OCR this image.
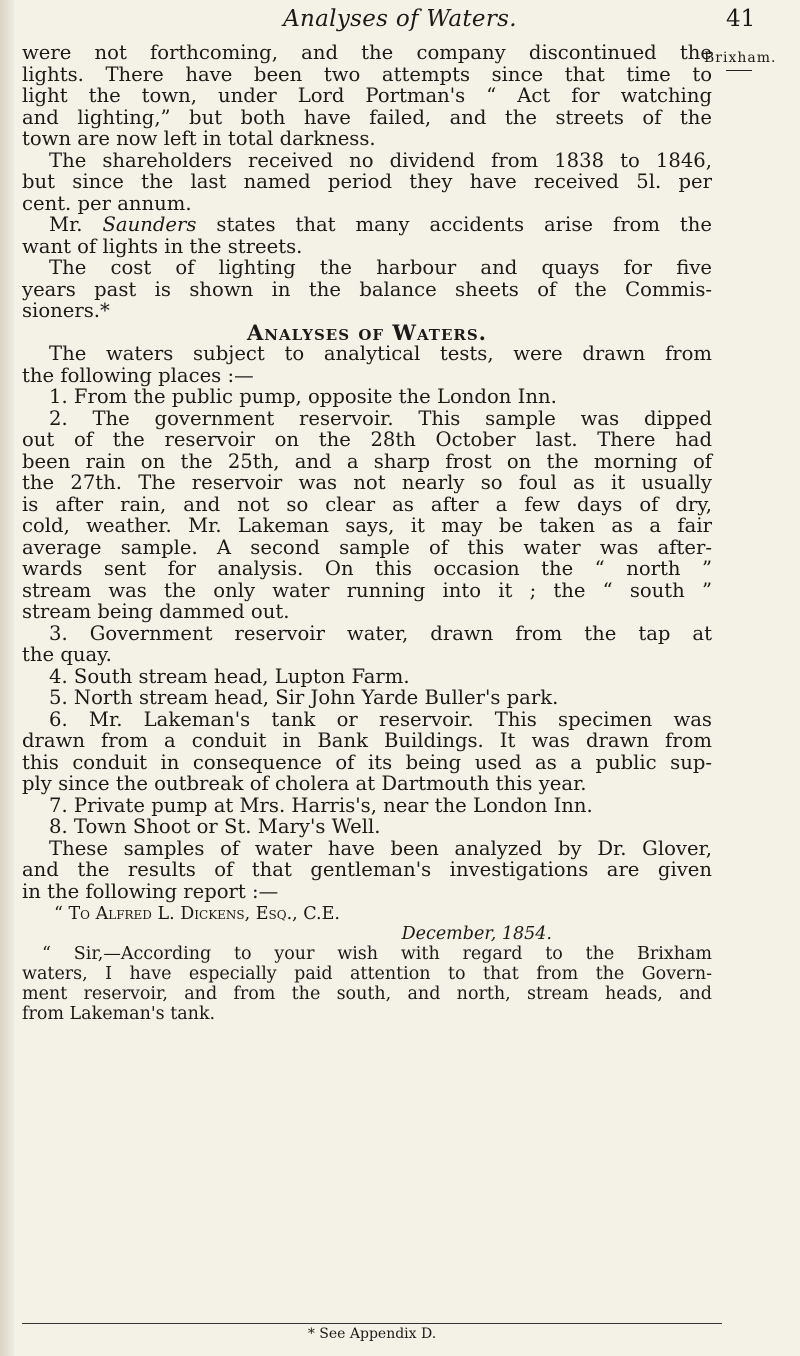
Analyses of Waters.	41
Brixham.

were not forthcoming, and the company discontinued the
lights. There have been two attempts since that time to
light the town, under Lord Portman's “ Act for watching
and lighting,” but both have failed, and the streets of the
town are now left in total darkness.

The shareholders received no dividend from 1838 to 1846,
but since the last named period they have received 5l. per
cent. per annum.

Mr. Saunders states that many accidents arise from the
want of lights in the streets.

The cost of lighting the harbour and quays for five
years past is shown in the balance sheets of the Commis-
sioners.*

Analyses of Waters.

The waters subject to analytical tests, were drawn from
the following places :—

1. From the public pump, opposite the London Inn.

2. The government reservoir. This sample was dipped
out of the reservoir on the 28th October last. There had
been rain on the 25th, and a sharp frost on the morning of
the 27th. The reservoir was not nearly so foul as it usually
is after rain, and not so clear as after a few days of dry,
cold, weather. Mr. Lakeman says, it may be taken as a fair
average sample. A second sample of this water was after-
wards sent for analysis. On this occasion the “ north ”
stream was the only water running into it ; the “ south ”
stream being dammed out.

3. Government reservoir water, drawn from the tap at
the quay.

4. South stream head, Lupton Farm.

5. North stream head, Sir John Yarde Buller's park.

6. Mr. Lakeman's tank or reservoir. This specimen was
drawn from a conduit in Bank Buildings. It was drawn from
this conduit in consequence of its being used as a public sup-
ply since the outbreak of cholera at Dartmouth this year.

7. Private pump at Mrs. Harris's, near the London Inn.

8. Town Shoot or St. Mary's Well.

These samples of water have been analyzed by Dr. Glover,
and the results of that gentleman's investigations are given
in the following report :—

“ To Alfred L. Dickens, Esq., C.E.
December, 1854.
“ Sir,—According to your wish with regard to the Brixham
waters, I have especially paid attention to that from the Govern-
ment reservoir, and from the south, and north, stream heads, and
from Lakeman's tank.
* See Appendix D.
